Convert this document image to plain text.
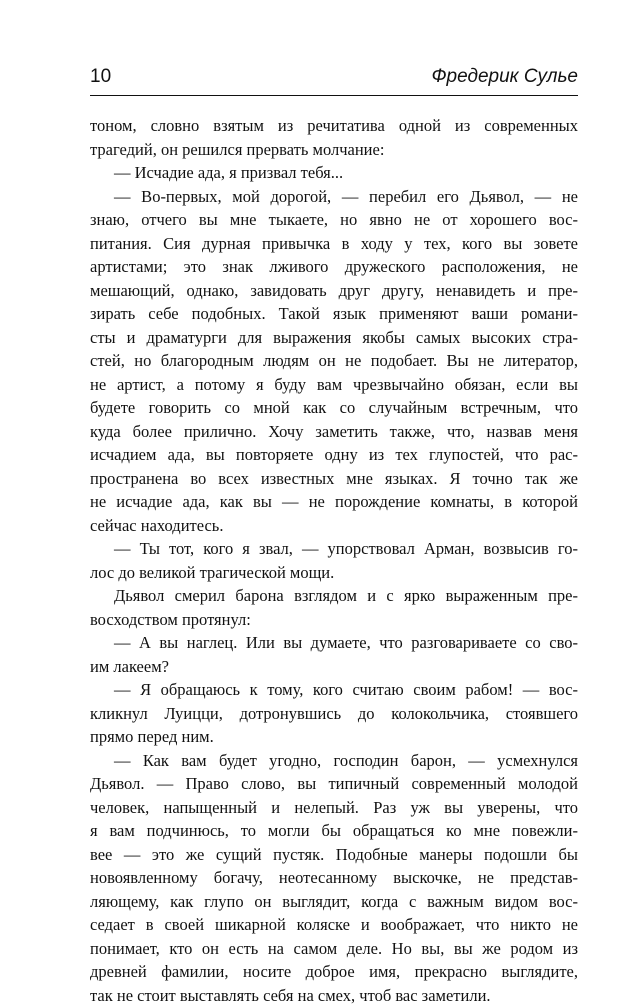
10	Фредерик Сулье
тоном, словно взятым из речитатива одной из современных
трагедий, он решился прервать молчание:
— Исчадие ада, я призвал тебя...
— Во-первых, мой дорогой, — перебил его Дьявол, — не
знаю, отчего вы мне тыкаете, но явно не от хорошего вос-
питания. Сия дурная привычка в ходу у тех, кого вы зовете
артистами; это знак лживого дружеского расположения, не
мешающий, однако, завидовать друг другу, ненавидеть и пре-
зирать себе подобных. Такой язык применяют ваши романи-
сты и драматурги для выражения якобы самых высоких стра-
стей, но благородным людям он не подобает. Вы не литератор,
не артист, а потому я буду вам чрезвычайно обязан, если вы
будете говорить со мной как со случайным встречным, что
куда более прилично. Хочу заметить также, что, назвав меня
исчадием ада, вы повторяете одну из тех глупостей, что рас-
пространена во всех известных мне языках. Я точно так же
не исчадие ада, как вы — не порождение комнаты, в которой
сейчас находитесь.
— Ты тот, кого я звал, — упорствовал Арман, возвысив го-
лос до великой трагической мощи.
Дьявол смерил барона взглядом и с ярко выраженным пре-
восходством протянул:
— А вы наглец. Или вы думаете, что разговариваете со сво-
им лакеем?
— Я обращаюсь к тому, кого считаю своим рабом! — вос-
кликнул Луицци, дотронувшись до колокольчика, стоявшего
прямо перед ним.
— Как вам будет угодно, господин барон, — усмехнулся
Дьявол. — Право слово, вы типичный современный молодой
человек, напыщенный и нелепый. Раз уж вы уверены, что
я вам подчинюсь, то могли бы обращаться ко мне повежли-
вее — это же сущий пустяк. Подобные манеры подошли бы
новоявленному богачу, неотесанному выскочке, не представ-
ляющему, как глупо он выглядит, когда с важным видом вос-
седает в своей шикарной коляске и воображает, что никто не
понимает, кто он есть на самом деле. Но вы, вы же родом из
древней фамилии, носите доброе имя, прекрасно выглядите,
так не стоит выставлять себя на смех, чтоб вас заметили.
